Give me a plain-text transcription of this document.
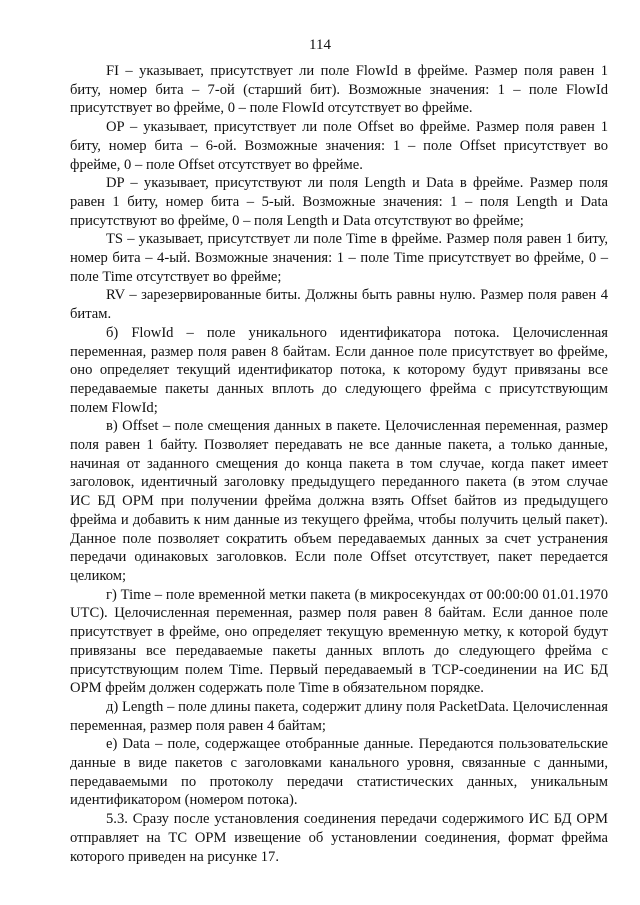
114

FI – указывает, присутствует ли поле FlowId в фрейме. Размер поля равен 1 биту, номер бита – 7-ой (старший бит). Возможные значения: 1 – поле FlowId присутствует во фрейме, 0 – поле FlowId отсутствует во фрейме.

OP – указывает, присутствует ли поле Offset во фрейме. Размер поля равен 1 биту, номер бита – 6-ой. Возможные значения: 1 – поле Offset присутствует во фрейме, 0 – поле Offset отсутствует во фрейме.

DP – указывает, присутствуют ли поля Length и Data в фрейме. Размер поля равен 1 биту, номер бита – 5-ый. Возможные значения: 1 – поля Length и Data присутствуют во фрейме, 0 – поля Length и Data отсутствуют во фрейме;

TS – указывает, присутствует ли поле Time в фрейме. Размер поля равен 1 биту, номер бита – 4-ый. Возможные значения: 1 – поле Time присутствует во фрейме, 0 – поле Time отсутствует во фрейме;

RV – зарезервированные биты. Должны быть равны нулю. Размер поля равен 4 битам.

б) FlowId – поле уникального идентификатора потока. Целочисленная переменная, размер поля равен 8 байтам. Если данное поле присутствует во фрейме, оно определяет текущий идентификатор потока, к которому будут привязаны все передаваемые пакеты данных вплоть до следующего фрейма с присутствующим полем FlowId;

в) Offset – поле смещения данных в пакете. Целочисленная переменная, размер поля равен 1 байту. Позволяет передавать не все данные пакета, а только данные, начиная от заданного смещения до конца пакета в том случае, когда пакет имеет заголовок, идентичный заголовку предыдущего переданного пакета (в этом случае ИС БД ОРМ при получении фрейма должна взять Offset байтов из предыдущего фрейма и добавить к ним данные из текущего фрейма, чтобы получить целый пакет). Данное поле позволяет сократить объем передаваемых данных за счет устранения передачи одинаковых заголовков. Если поле Offset отсутствует, пакет передается целиком;

г) Time – поле временной метки пакета (в микросекундах от 00:00:00 01.01.1970 UTC). Целочисленная переменная, размер поля равен 8 байтам. Если данное поле присутствует в фрейме, оно определяет текущую временную метку, к которой будут привязаны все передаваемые пакеты данных вплоть до следующего фрейма с присутствующим полем Time. Первый передаваемый в TCP-соединении на ИС БД ОРМ фрейм должен содержать поле Time в обязательном порядке.

д) Length – поле длины пакета, содержит длину поля PacketData. Целочисленная переменная, размер поля равен 4 байтам;

е) Data – поле, содержащее отобранные данные. Передаются пользовательские данные в виде пакетов с заголовками канального уровня, связанные с данными, передаваемыми по протоколу передачи статистических данных, уникальным идентификатором (номером потока).

5.3. Сразу после установления соединения передачи содержимого ИС БД ОРМ отправляет на ТС ОРМ извещение об установлении соединения, формат фрейма которого приведен на рисунке 17.
